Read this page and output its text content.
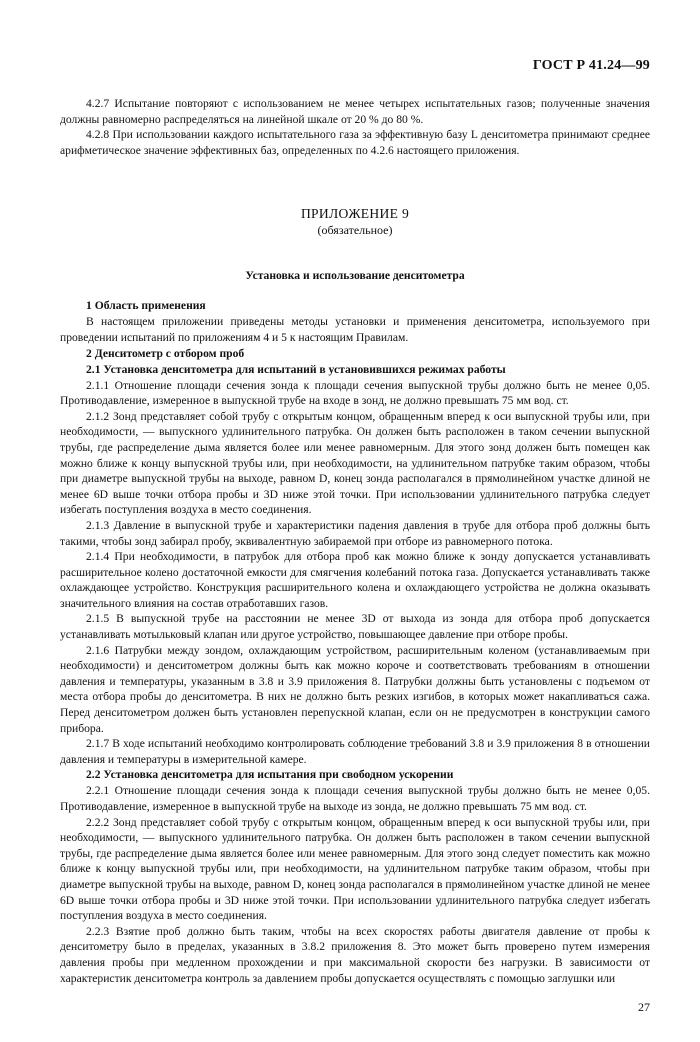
ГОСТ Р 41.24—99

4.2.7 Испытание повторяют с использованием не менее четырех испытательных газов; полученные значения должны равномерно распределяться на линейной шкале от 20 % до 80 %.

4.2.8 При использовании каждого испытательного газа за эффективную базу L денситометра принимают среднее арифметическое значение эффективных баз, определенных по 4.2.6 настоящего приложения.

ПРИЛОЖЕНИЕ 9
(обязательное)
Установка и использование денситометра
1 Область применения

В настоящем приложении приведены методы установки и применения денситометра, используемого при проведении испытаний по приложениям 4 и 5 к настоящим Правилам.

2 Денситометр с отбором проб
2.1 Установка денситометра для испытаний в установившихся режимах работы

2.1.1 Отношение площади сечения зонда к площади сечения выпускной трубы должно быть не менее 0,05. Противодавление, измеренное в выпускной трубе на входе в зонд, не должно превышать 75 мм вод. ст.

2.1.2 Зонд представляет собой трубу с открытым концом, обращенным вперед к оси выпускной трубы или, при необходимости, — выпускного удлинительного патрубка. Он должен быть расположен в таком сечении выпускной трубы, где распределение дыма является более или менее равномерным. Для этого зонд должен быть помещен как можно ближе к концу выпускной трубы или, при необходимости, на удлинительном патрубке таким образом, чтобы при диаметре выпускной трубы на выходе, равном D, конец зонда располагался в прямолинейном участке длиной не менее 6D выше точки отбора пробы и 3D ниже этой точки. При использовании удлинительного патрубка следует избегать поступления воздуха в место соединения.

2.1.3 Давление в выпускной трубе и характеристики падения давления в трубе для отбора проб должны быть такими, чтобы зонд забирал пробу, эквивалентную забираемой при отборе из равномерного потока.

2.1.4 При необходимости, в патрубок для отбора проб как можно ближе к зонду допускается устанавливать расширительное колено достаточной емкости для смягчения колебаний потока газа. Допускается устанавливать также охлаждающее устройство. Конструкция расширительного колена и охлаждающего устройства не должна оказывать значительного влияния на состав отработавших газов.

2.1.5 В выпускной трубе на расстоянии не менее 3D от выхода из зонда для отбора проб допускается устанавливать мотыльковый клапан или другое устройство, повышающее давление при отборе пробы.

2.1.6 Патрубки между зондом, охлаждающим устройством, расширительным коленом (устанавливаемым при необходимости) и денситометром должны быть как можно короче и соответствовать требованиям в отношении давления и температуры, указанным в 3.8 и 3.9 приложения 8. Патрубки должны быть установлены с подъемом от места отбора пробы до денситометра. В них не должно быть резких изгибов, в которых может накапливаться сажа. Перед денситометром должен быть установлен перепускной клапан, если он не предусмотрен в конструкции самого прибора.

2.1.7 В ходе испытаний необходимо контролировать соблюдение требований 3.8 и 3.9 приложения 8 в отношении давления и температуры в измерительной камере.

2.2 Установка денситометра для испытания при свободном ускорении

2.2.1 Отношение площади сечения зонда к площади сечения выпускной трубы должно быть не менее 0,05. Противодавление, измеренное в выпускной трубе на выходе из зонда, не должно превышать 75 мм вод. ст.

2.2.2 Зонд представляет собой трубу с открытым концом, обращенным вперед к оси выпускной трубы или, при необходимости, — выпускного удлинительного патрубка. Он должен быть расположен в таком сечении выпускной трубы, где распределение дыма является более или менее равномерным. Для этого зонд следует поместить как можно ближе к концу выпускной трубы или, при необходимости, на удлинительном патрубке таким образом, чтобы при диаметре выпускной трубы на выходе, равном D, конец зонда располагался в прямолинейном участке длиной не менее 6D выше точки отбора пробы и 3D ниже этой точки. При использовании удлинительного патрубка следует избегать поступления воздуха в место соединения.

2.2.3 Взятие проб должно быть таким, чтобы на всех скоростях работы двигателя давление от пробы к денситометру было в пределах, указанных в 3.8.2 приложения 8. Это может быть проверено путем измерения давления пробы при медленном прохождении и при максимальной скорости без нагрузки. В зависимости от характеристик денситометра контроль за давлением пробы допускается осуществлять с помощью заглушки или

27
